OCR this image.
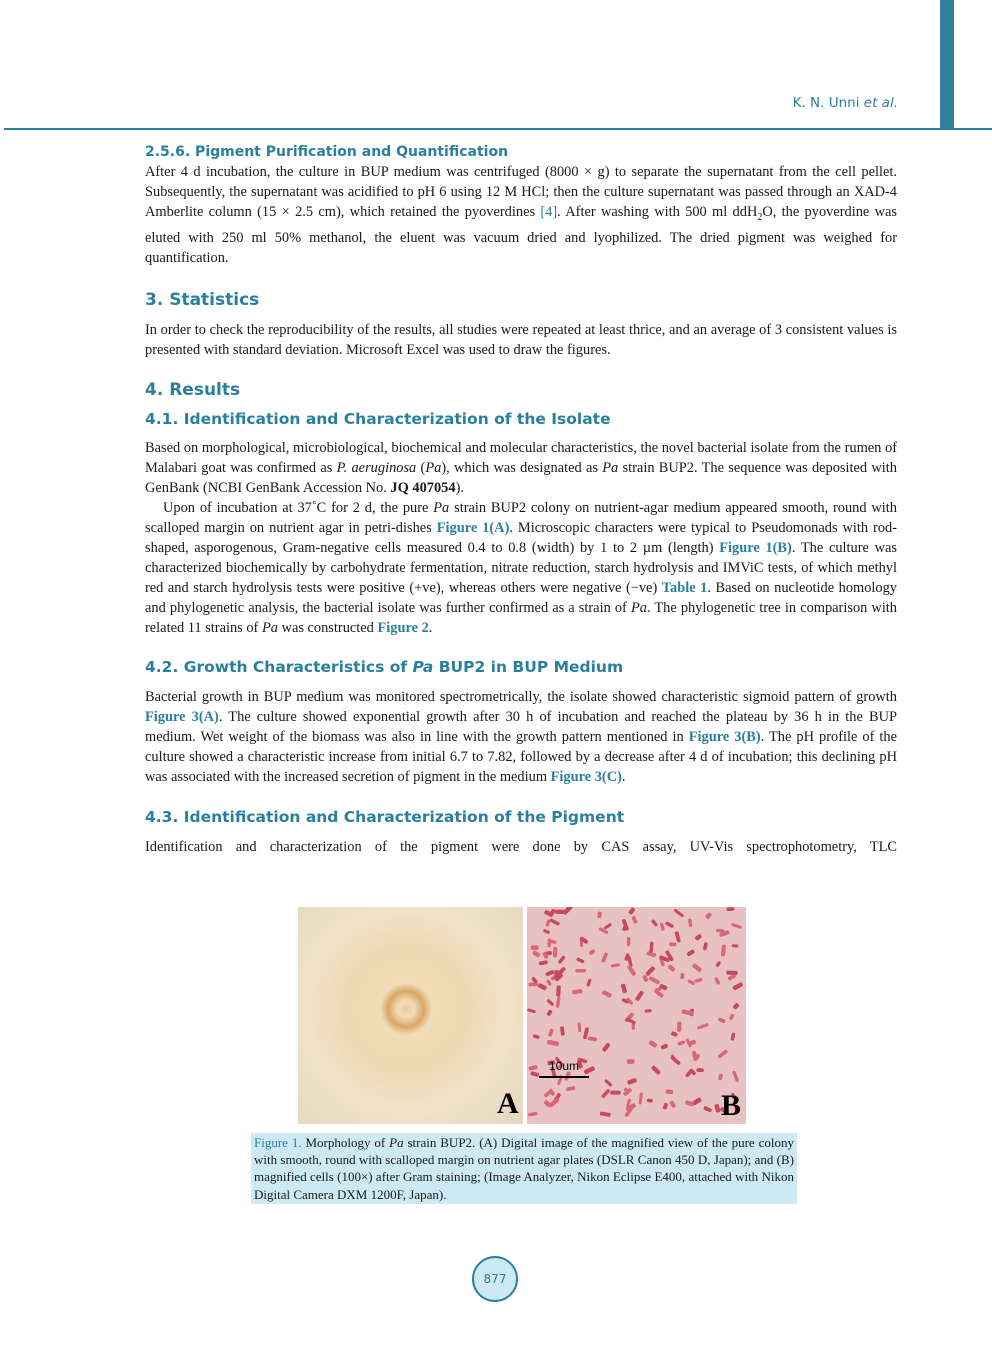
K. N. Unni et al.
2.5.6. Pigment Purification and Quantification

After 4 d incubation, the culture in BUP medium was centrifuged (8000 × g) to separate the supernatant from the cell pellet. Subsequently, the supernatant was acidified to pH 6 using 12 M HCl; then the culture supernatant was passed through an XAD-4 Amberlite column (15 × 2.5 cm), which retained the pyoverdines [4]. After washing with 500 ml ddH$_2$O, the pyoverdine was eluted with 250 ml 50% methanol, the eluent was vacuum dried and lyophilized. The dried pigment was weighed for quantification.

3. Statistics

In order to check the reproducibility of the results, all studies were repeated at least thrice, and an average of 3 consistent values is presented with standard deviation. Microsoft Excel was used to draw the figures.

4. Results
4.1. Identification and Characterization of the Isolate

Based on morphological, microbiological, biochemical and molecular characteristics, the novel bacterial isolate from the rumen of Malabari goat was confirmed as P. aeruginosa (Pa), which was designated as Pa strain BUP2. The sequence was deposited with GenBank (NCBI GenBank Accession No. JQ 407054).

Upon of incubation at 37˚C for 2 d, the pure Pa strain BUP2 colony on nutrient-agar medium appeared smooth, round with scalloped margin on nutrient agar in petri-dishes Figure 1(A). Microscopic characters were typical to Pseudomonads with rod-shaped, asporogenous, Gram-negative cells measured 0.4 to 0.8 (width) by 1 to 2 µm (length) Figure 1(B). The culture was characterized biochemically by carbohydrate fermentation, nitrate reduction, starch hydrolysis and IMViC tests, of which methyl red and starch hydrolysis tests were positive (+ve), whereas others were negative (−ve) Table 1. Based on nucleotide homology and phylogenetic analysis, the bacterial isolate was further confirmed as a strain of Pa. The phylogenetic tree in comparison with related 11 strains of Pa was constructed Figure 2.

4.2. Growth Characteristics of Pa BUP2 in BUP Medium

Bacterial growth in BUP medium was monitored spectrometrically, the isolate showed characteristic sigmoid pattern of growth Figure 3(A). The culture showed exponential growth after 30 h of incubation and reached the plateau by 36 h in the BUP medium. Wet weight of the biomass was also in line with the growth pattern mentioned in Figure 3(B). The pH profile of the culture showed a characteristic increase from initial 6.7 to 7.82, followed by a decrease after 4 d of incubation; this declining pH was associated with the increased secretion of pigment in the medium Figure 3(C).

4.3. Identification and Characterization of the Pigment

Identification and characterization of the pigment were done by CAS assay, UV-Vis spectrophotometry, TLC

A
10um
B
Figure 1. Morphology of Pa strain BUP2. (A) Digital image of the magnified view of the pure colony with smooth, round with scalloped margin on nutrient agar plates (DSLR Canon 450 D, Japan); and (B) magnified cells (100×) after Gram staining; (Image Analyzer, Nikon Eclipse E400, attached with Nikon Digital Camera DXM 1200F, Japan).
877
